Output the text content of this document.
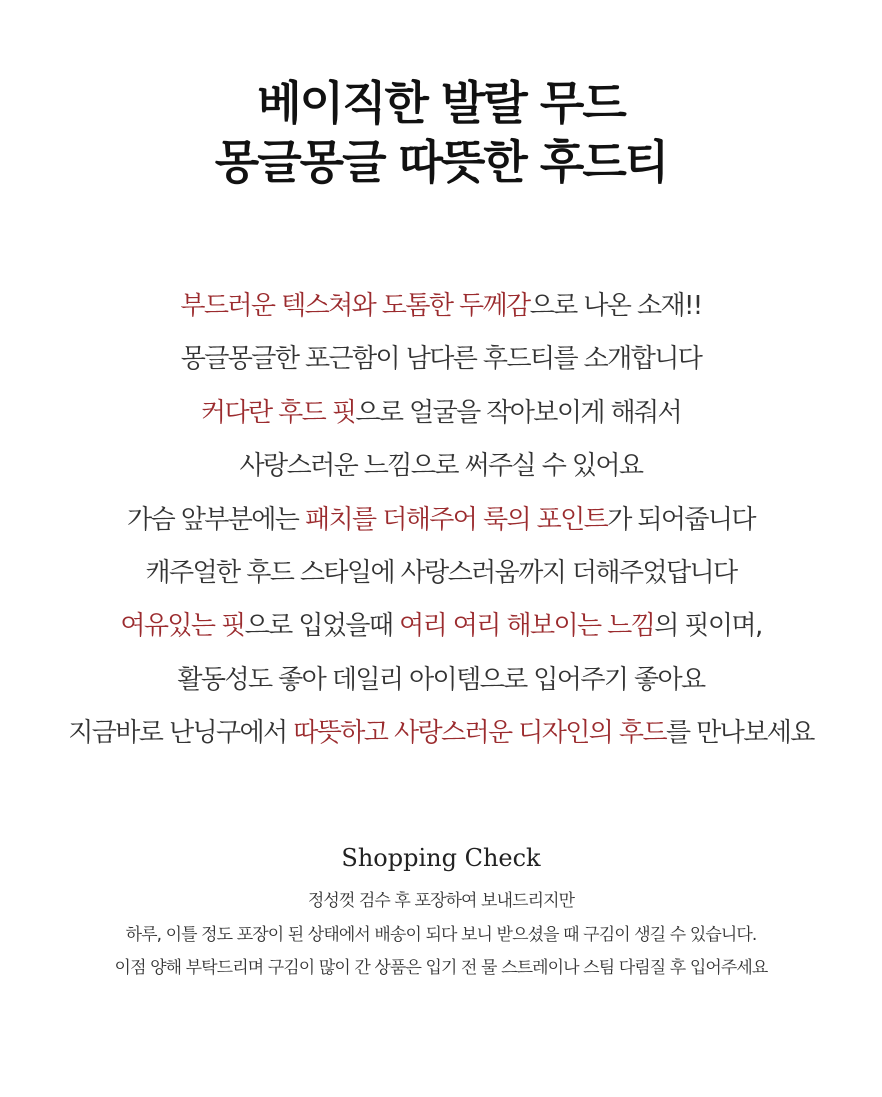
베이직한 발랄 무드
몽글몽글 따뜻한 후드티
부드러운 텍스쳐와 도톰한 두께감으로 나온 소재!!
몽글몽글한 포근함이 남다른 후드티를 소개합니다
커다란 후드 핏으로 얼굴을 작아보이게 해줘서
사랑스러운 느낌으로 써주실 수 있어요
가슴 앞부분에는 패치를 더해주어 룩의 포인트가 되어줍니다
캐주얼한 후드 스타일에 사랑스러움까지 더해주었답니다
여유있는 핏으로 입었을때 여리 여리 해보이는 느낌의 핏이며,
활동성도 좋아 데일리 아이템으로 입어주기 좋아요
지금바로 난닝구에서 따뜻하고 사랑스러운 디자인의 후드를 만나보세요
Shopping Check
정성껏 검수 후 포장하여 보내드리지만
하루, 이틀 정도 포장이 된 상태에서 배송이 되다 보니 받으셨을 때 구김이 생길 수 있습니다.
이점 양해 부탁드리며 구김이 많이 간 상품은 입기 전 물 스트레이나 스팀 다림질 후 입어주세요
